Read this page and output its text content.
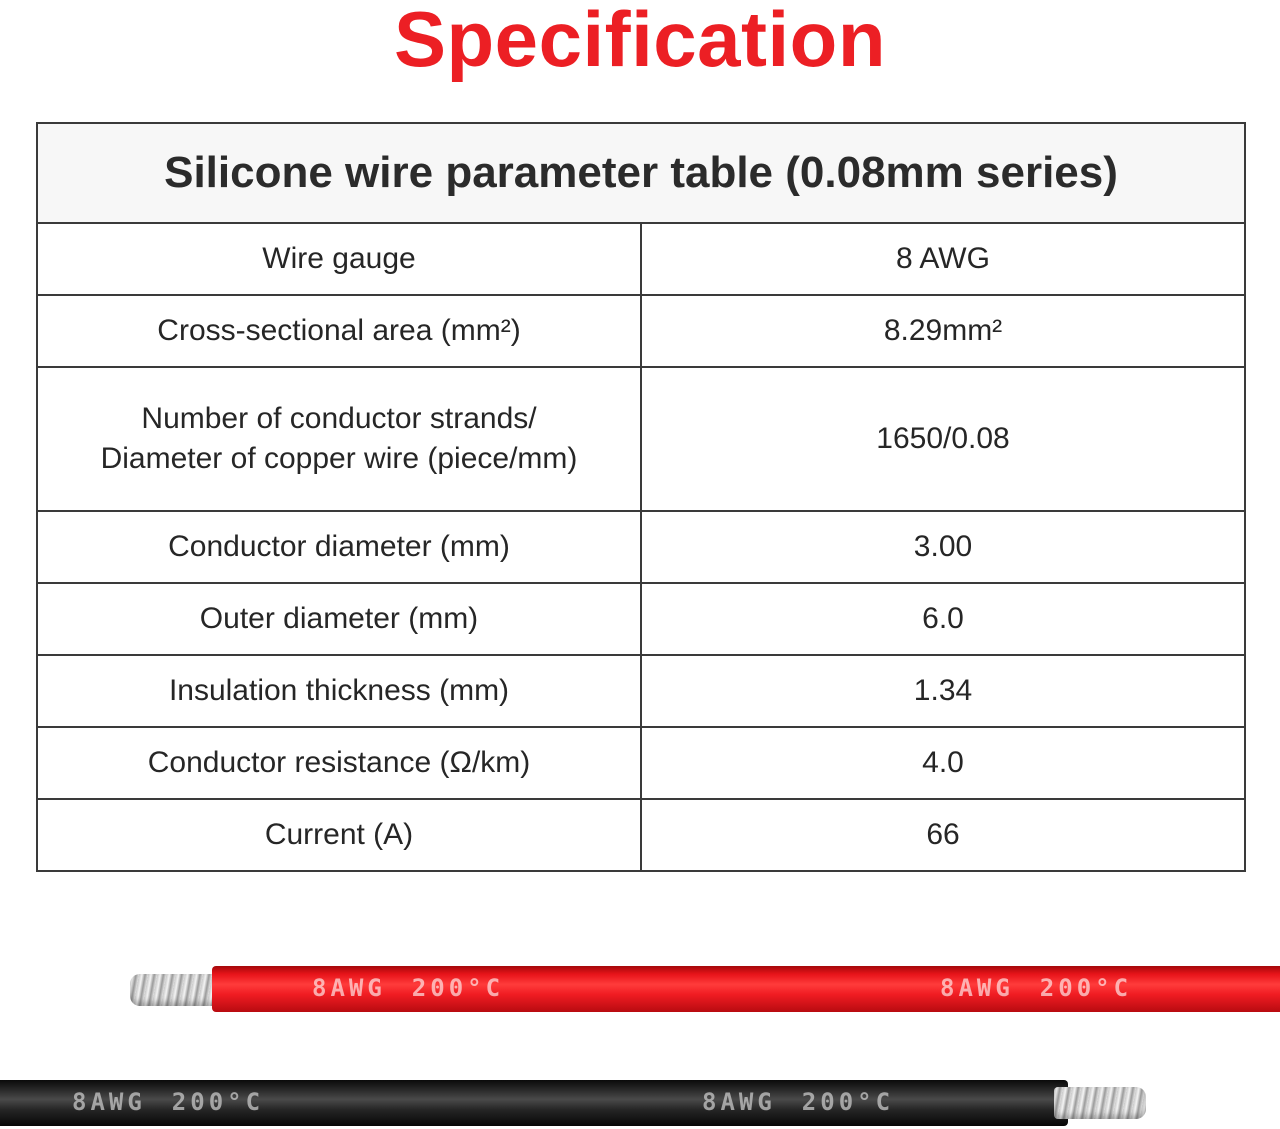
Specification
Silicone wire parameter table (0.08mm series)	
Wire gauge	8 AWG
Cross-sectional area (mm²)	8.29mm²

Number of conductor strands/
Diameter of copper wire (piece/mm)	1650/0.08
Conductor diameter (mm)	3.00
Outer diameter (mm)	6.0
Insulation thickness (mm)	1.34
Conductor resistance (Ω/km)	4.0
Current (A)	66
8AWG 200°C	8AWG 200°C
8AWG 200°C	8AWG 200°C
